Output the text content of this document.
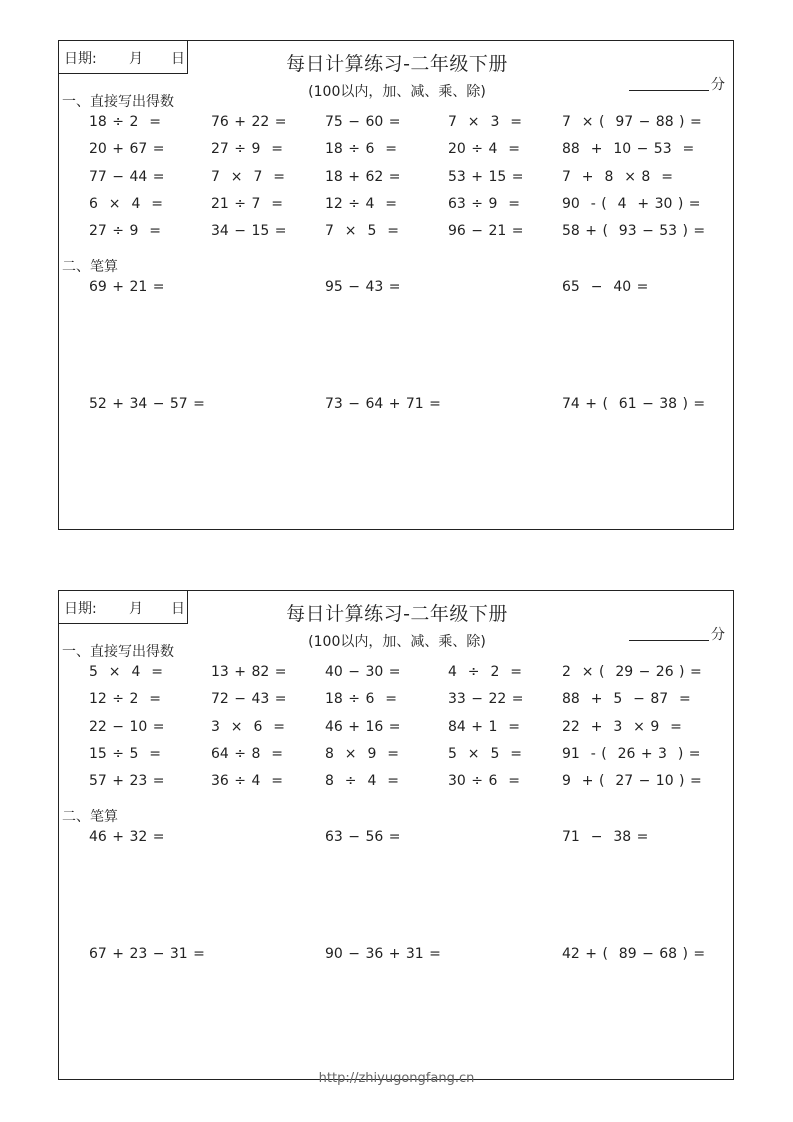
日期: 月 日	每日计算练习-二年级下册
(100以内，加、减、乘、除)	分
一、直接写出得数
二、笔算
18 ÷ 2  =	76 + 22 =	75 − 60 =	7  ×  3  =	7  × (  97 − 88 ) =
20 + 67 =	27 ÷ 9  =	18 ÷ 6  =	20 ÷ 4  =	88  +  10 − 53  =
77 − 44 =	7  ×  7  =	18 + 62 =	53 + 15 =	7  +  8  × 8  =
6  ×  4  =	21 ÷ 7  =	12 ÷ 4  =	63 ÷ 9  =	90  - (  4  + 30 ) =
27 ÷ 9  =	34 − 15 =	7  ×  5  =	96 − 21 =	58 + (  93 − 53 ) =
69 + 21 =	95 − 43 =	65  −  40 =
52 + 34 − 57 =	73 − 64 + 71 =	74 + (  61 − 38 ) =
日期: 月 日	每日计算练习-二年级下册
(100以内，加、减、乘、除)	分
一、直接写出得数
二、笔算
5  ×  4  =	13 + 82 =	40 − 30 =	4  ÷  2  =	2  × (  29 − 26 ) =
12 ÷ 2  =	72 − 43 =	18 ÷ 6  =	33 − 22 =	88  +  5  − 87  =
22 − 10 =	3  ×  6  =	46 + 16 =	84 + 1  =	22  +  3  × 9  =
15 ÷ 5  =	64 ÷ 8  =	8  ×  9  =	5  ×  5  =	91  - (  26 + 3  ) =
57 + 23 =	36 ÷ 4  =	8  ÷  4  =	30 ÷ 6  =	9  + (  27 − 10 ) =
46 + 32 =	63 − 56 =	71  −  38 =
67 + 23 − 31 =	90 − 36 + 31 =	42 + (  89 − 68 ) =
http://zhiyugongfang.cn
